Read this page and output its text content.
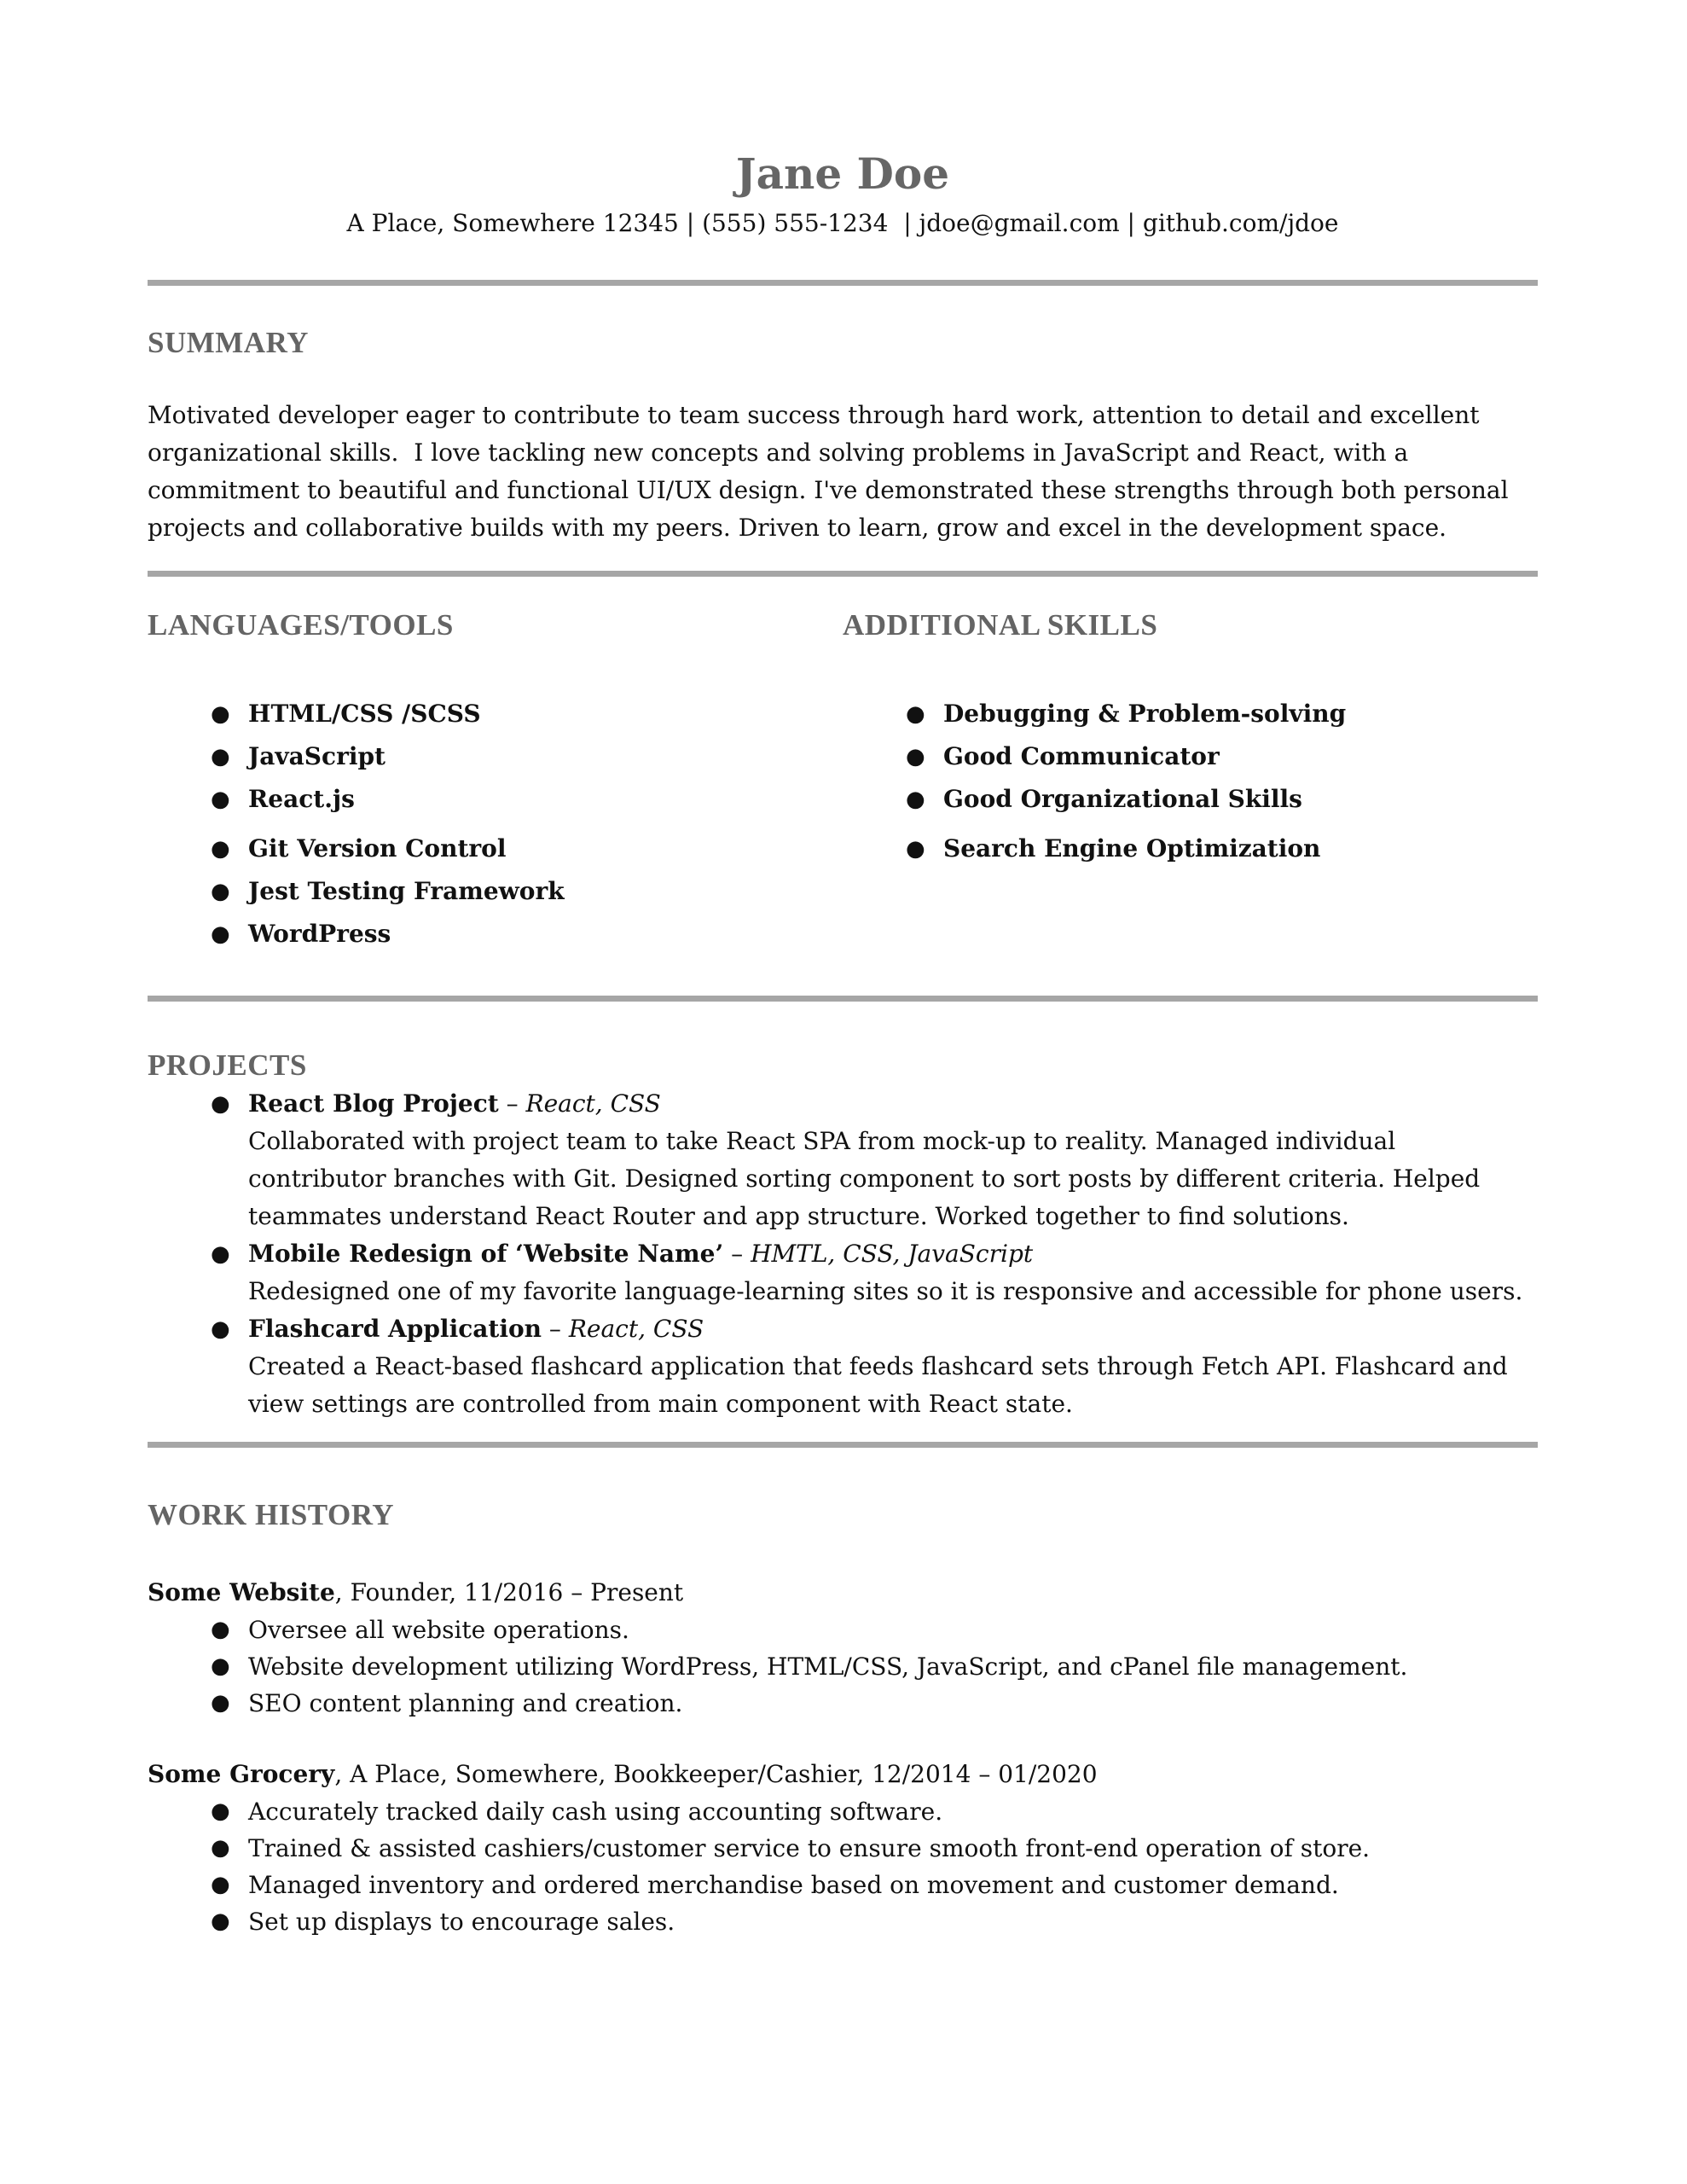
Jane Doe
A Place, Somewhere 12345 | (555) 555-1234  | jdoe@gmail.com | github.com/jdoe
SUMMARY
Motivated developer eager to contribute to team success through hard work, attention to detail and excellent organizational skills.  I love tackling new concepts and solving problems in JavaScript and React, with a commitment to beautiful and functional UI/UX design. I've demonstrated these strengths through both personal projects and collaborative builds with my peers. Driven to learn, grow and excel in the development space.
LANGUAGES/TOOLS
● HTML/CSS /SCSS
● JavaScript
● React.js
● Git Version Control
● Jest Testing Framework
● WordPress
ADDITIONAL SKILLS
● Debugging & Problem-solving
● Good Communicator
● Good Organizational Skills
● Search Engine Optimization
PROJECTS
● React Blog Project – React, CSS
Collaborated with project team to take React SPA from mock-up to reality. Managed individual contributor branches with Git. Designed sorting component to sort posts by different criteria. Helped teammates understand React Router and app structure. Worked together to find solutions.
● Mobile Redesign of ‘Website Name’ – HMTL, CSS, JavaScript
Redesigned one of my favorite language-learning sites so it is responsive and accessible for phone users.
● Flashcard Application – React, CSS
Created a React-based flashcard application that feeds flashcard sets through Fetch API. Flashcard and view settings are controlled from main component with React state.
WORK HISTORY
Some Website, Founder, 11/2016 – Present
● Oversee all website operations.
● Website development utilizing WordPress, HTML/CSS, JavaScript, and cPanel file management.
● SEO content planning and creation.
Some Grocery, A Place, Somewhere, Bookkeeper/Cashier, 12/2014 – 01/2020
● Accurately tracked daily cash using accounting software.
● Trained & assisted cashiers/customer service to ensure smooth front-end operation of store.
● Managed inventory and ordered merchandise based on movement and customer demand.
● Set up displays to encourage sales.
